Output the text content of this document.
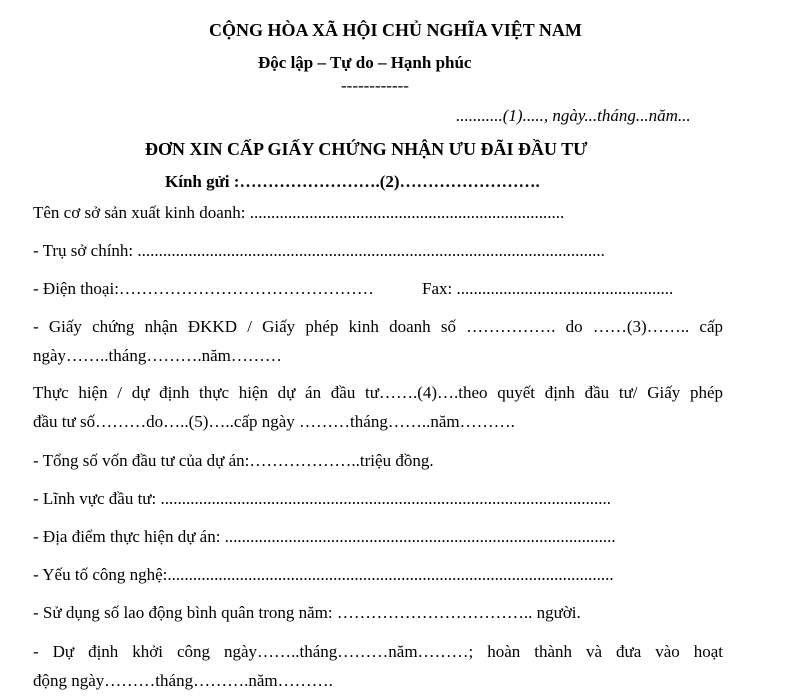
CỘNG HÒA XÃ HỘI CHỦ NGHĨA VIỆT NAM
Độc lập – Tự do – Hạnh phúc
------------
...........(1)....., ngày...tháng...năm...
ĐƠN XIN CẤP GIẤY CHỨNG NHẬN ƯU ĐÃI ĐẦU TƯ
Kính gửi :…………………….(2)…………………….
Tên cơ sở sản xuất kinh doanh: ..........................................................................
- Trụ sở chính: ..............................................................................................................
- Điện thoại:………………………………………	Fax: ...................................................
- Giấy chứng nhận ĐKKD / Giấy phép kinh doanh số ……………. do ……(3)…….. cấp
ngày……..tháng……….năm………
Thực hiện / dự định thực hiện dự án đầu tư…….(4)….theo quyết định đầu tư/ Giấy phép
đầu tư số………do…..(5)…..cấp ngày ………tháng……..năm……….
- Tổng số vốn đầu tư của dự án:………………..triệu đồng.
- Lĩnh vực đầu tư: ..........................................................................................................
- Địa điểm thực hiện dự án: ............................................................................................
- Yếu tố công nghệ:.........................................................................................................
- Sử dụng số lao động bình quân trong năm: …………………………….. người.
- Dự định khởi công ngày……..tháng………năm………; hoàn thành và đưa vào hoạt
động ngày………tháng……….năm……….
